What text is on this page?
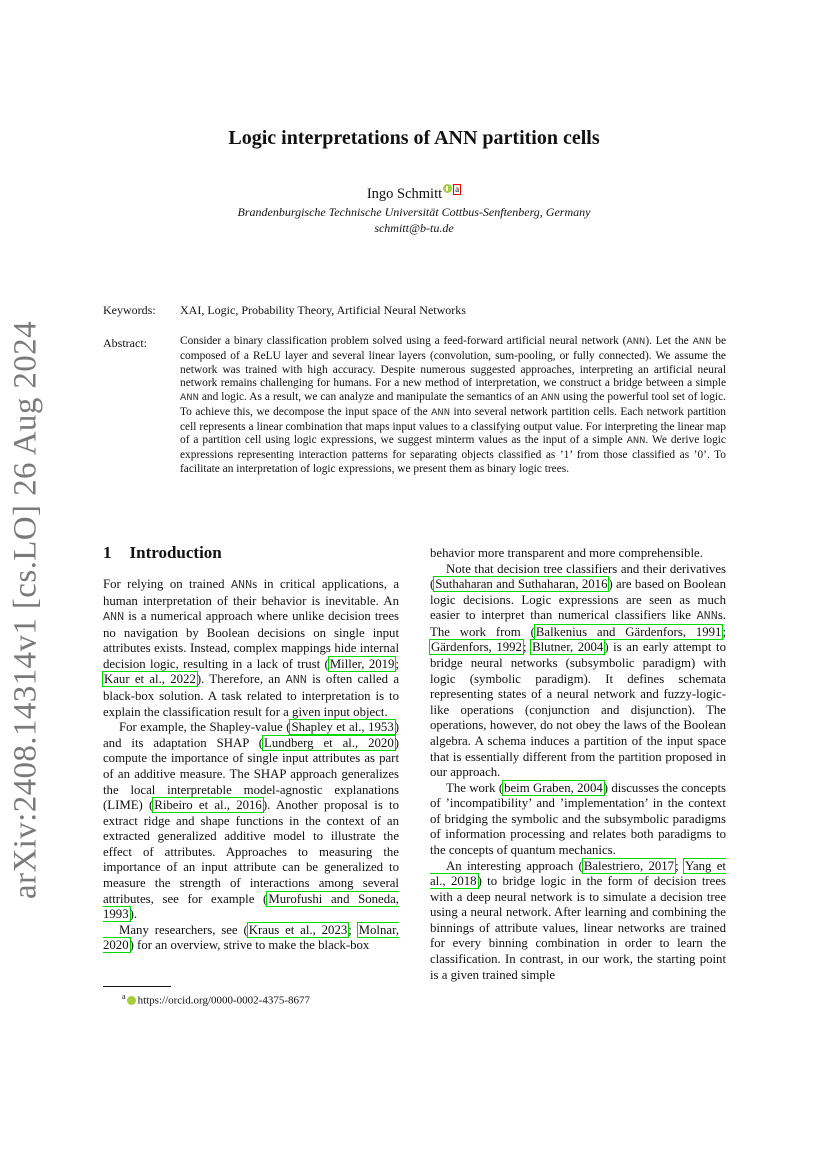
arXiv:2408.14314v1 [cs.LO] 26 Aug 2024
Logic interpretations of ANN partition cells
Ingo Schmitt a
Brandenburgische Technische Universität Cottbus-Senftenberg, Germany
schmitt@b-tu.de
Keywords: XAI, Logic, Probability Theory, Artificial Neural Networks
Abstract:	Consider a binary classification problem solved using a feed-forward artificial neural network (ANN). Let the ANN be composed of a ReLU layer and several linear layers (convolution, sum-pooling, or fully connected). We assume the network was trained with high accuracy. Despite numerous suggested approaches, interpreting an artificial neural network remains challenging for humans. For a new method of interpretation, we construct a bridge between a simple ANN and logic. As a result, we can analyze and manipulate the semantics of an ANN using the powerful tool set of logic. To achieve this, we decompose the input space of the ANN into several network partition cells. Each network partition cell represents a linear combination that maps input values to a classifying output value. For interpreting the linear map of a partition cell using logic expressions, we suggest minterm values as the input of a simple ANN. We derive logic expressions representing interaction patterns for separating objects classified as ’1’ from those classified as ’0’. To facilitate an interpretation of logic expressions, we present them as binary logic trees.
1 Introduction

For relying on trained ANNs in critical applications, a human interpretation of their behavior is inevitable. An ANN is a numerical approach where unlike decision trees no navigation by Boolean decisions on single input attributes exists. Instead, complex mappings hide internal decision logic, resulting in a lack of trust (Miller, 2019; Kaur et al., 2022). Therefore, an ANN is often called a black-box solution. A task related to interpretation is to explain the classification result for a given input object.

For example, the Shapley-value (Shapley et al., 1953) and its adaptation SHAP (Lundberg et al., 2020) compute the importance of single input attributes as part of an additive measure. The SHAP approach generalizes the local interpretable model-agnostic explanations (LIME) (Ribeiro et al., 2016). Another proposal is to extract ridge and shape functions in the context of an extracted generalized additive model to illustrate the effect of attributes. Approaches to measuring the importance of an input attribute can be generalized to measure the strength of interactions among several attributes, see for example (Murofushi and Soneda, 1993).

Many researchers, see (Kraus et al., 2023; Molnar, 2020) for an overview, strive to make the black-box

behavior more transparent and more comprehensible.

Note that decision tree classifiers and their derivatives (Suthaharan and Suthaharan, 2016) are based on Boolean logic decisions. Logic expressions are seen as much easier to interpret than numerical classifiers like ANNs. The work from (Balkenius and Gärdenfors, 1991; Gärdenfors, 1992; Blutner, 2004) is an early attempt to bridge neural networks (subsymbolic paradigm) with logic (symbolic paradigm). It defines schemata representing states of a neural network and fuzzy-logic-like operations (conjunction and disjunction). The operations, however, do not obey the laws of the Boolean algebra. A schema induces a partition of the input space that is essentially different from the partition proposed in our approach.

The work (beim Graben, 2004) discusses the concepts of ’incompatibility’ and ’implementation’ in the context of bridging the symbolic and the subsymbolic paradigms of information processing and relates both paradigms to the concepts of quantum mechanics.

An interesting approach (Balestriero, 2017; Yang et al., 2018) to bridge logic in the form of decision trees with a deep neural network is to simulate a decision tree using a neural network. After learning and combining the binnings of attribute values, linear networks are trained for every binning combination in order to learn the classification. In contrast, in our work, the starting point is a given trained simple

$^a$ https://orcid.org/0000-0002-4375-8677
